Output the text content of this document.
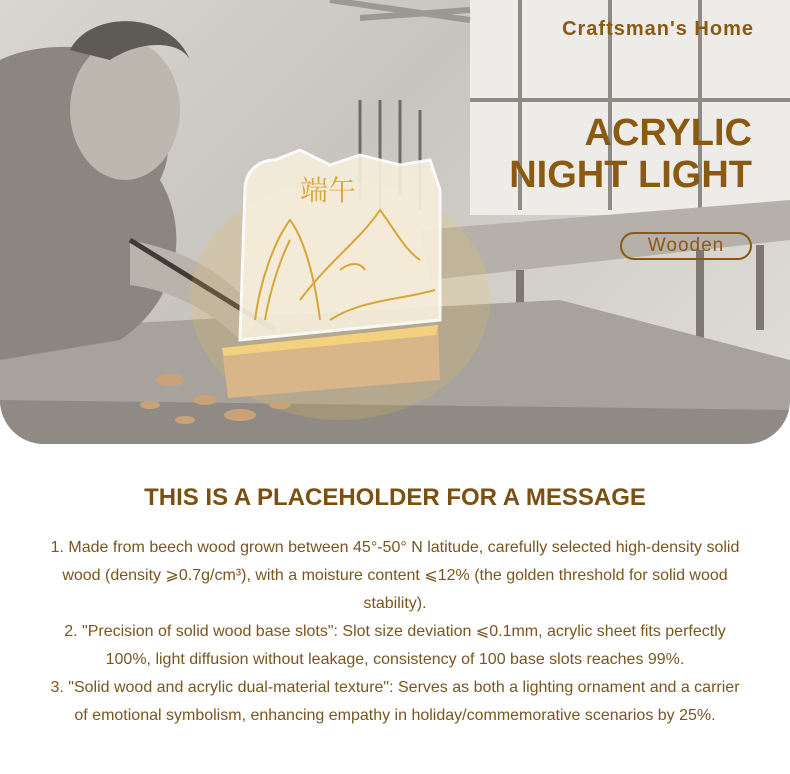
端午
Craftsman's Home
ACRYLIC
NIGHT LIGHT
Wooden
THIS IS A PLACEHOLDER FOR A MESSAGE

1. Made from beech wood grown between 45°-50° N latitude, carefully selected high-density solid wood (density ⩾0.7g/cm³), with a moisture content ⩽12% (the golden threshold for solid wood stability).

2. "Precision of solid wood base slots": Slot size deviation ⩽0.1mm, acrylic sheet fits perfectly 100%, light diffusion without leakage, consistency of 100 base slots reaches 99%.

3. "Solid wood and acrylic dual-material texture": Serves as both a lighting ornament and a carrier of emotional symbolism, enhancing empathy in holiday/commemorative scenarios by 25%.
